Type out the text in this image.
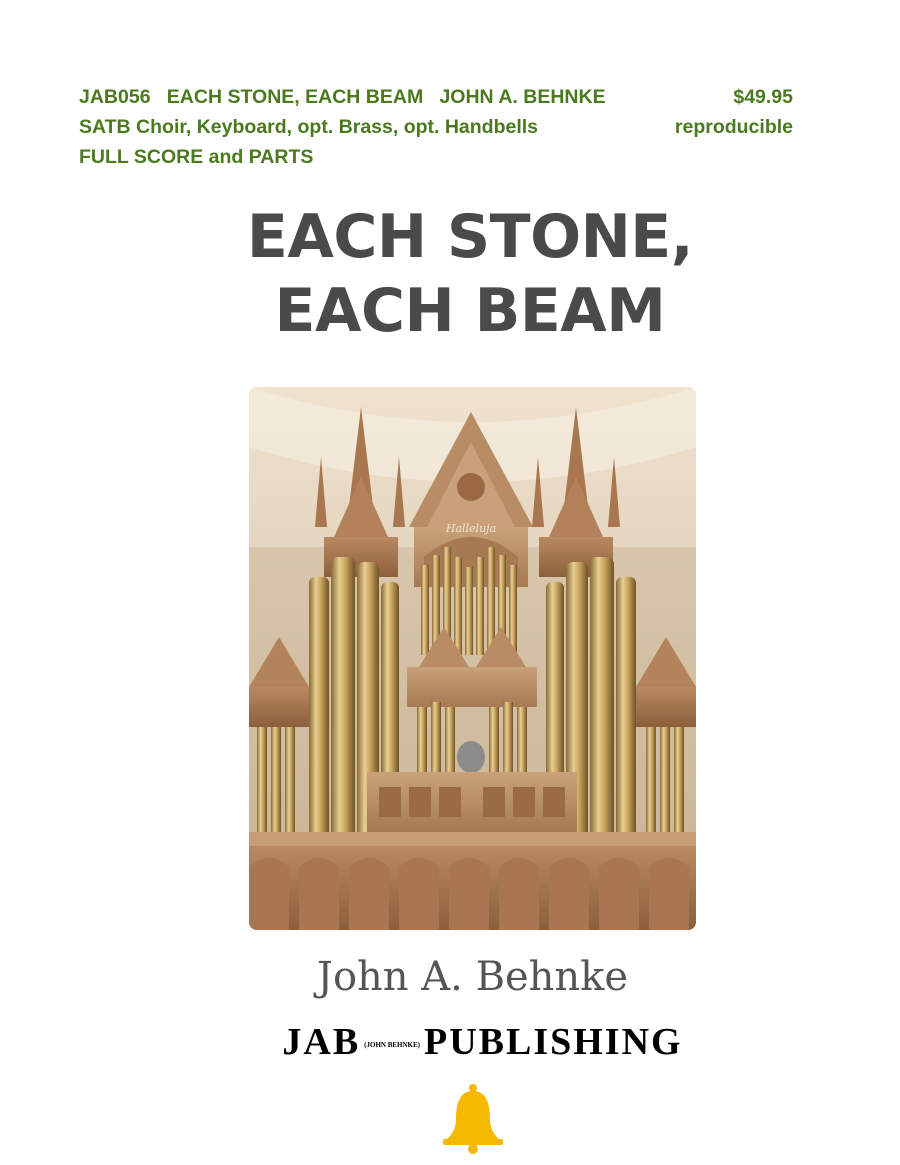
JAB056   EACH STONE, EACH BEAM   JOHN A. BEHNKE	$49.95
SATB Choir, Keyboard, opt. Brass, opt. Handbells	reproducible
FULL SCORE and PARTS
EACH STONE,
EACH BEAM
Halleluja
John A. Behnke
JAB (JOHN BEHNKE) PUBLISHING
